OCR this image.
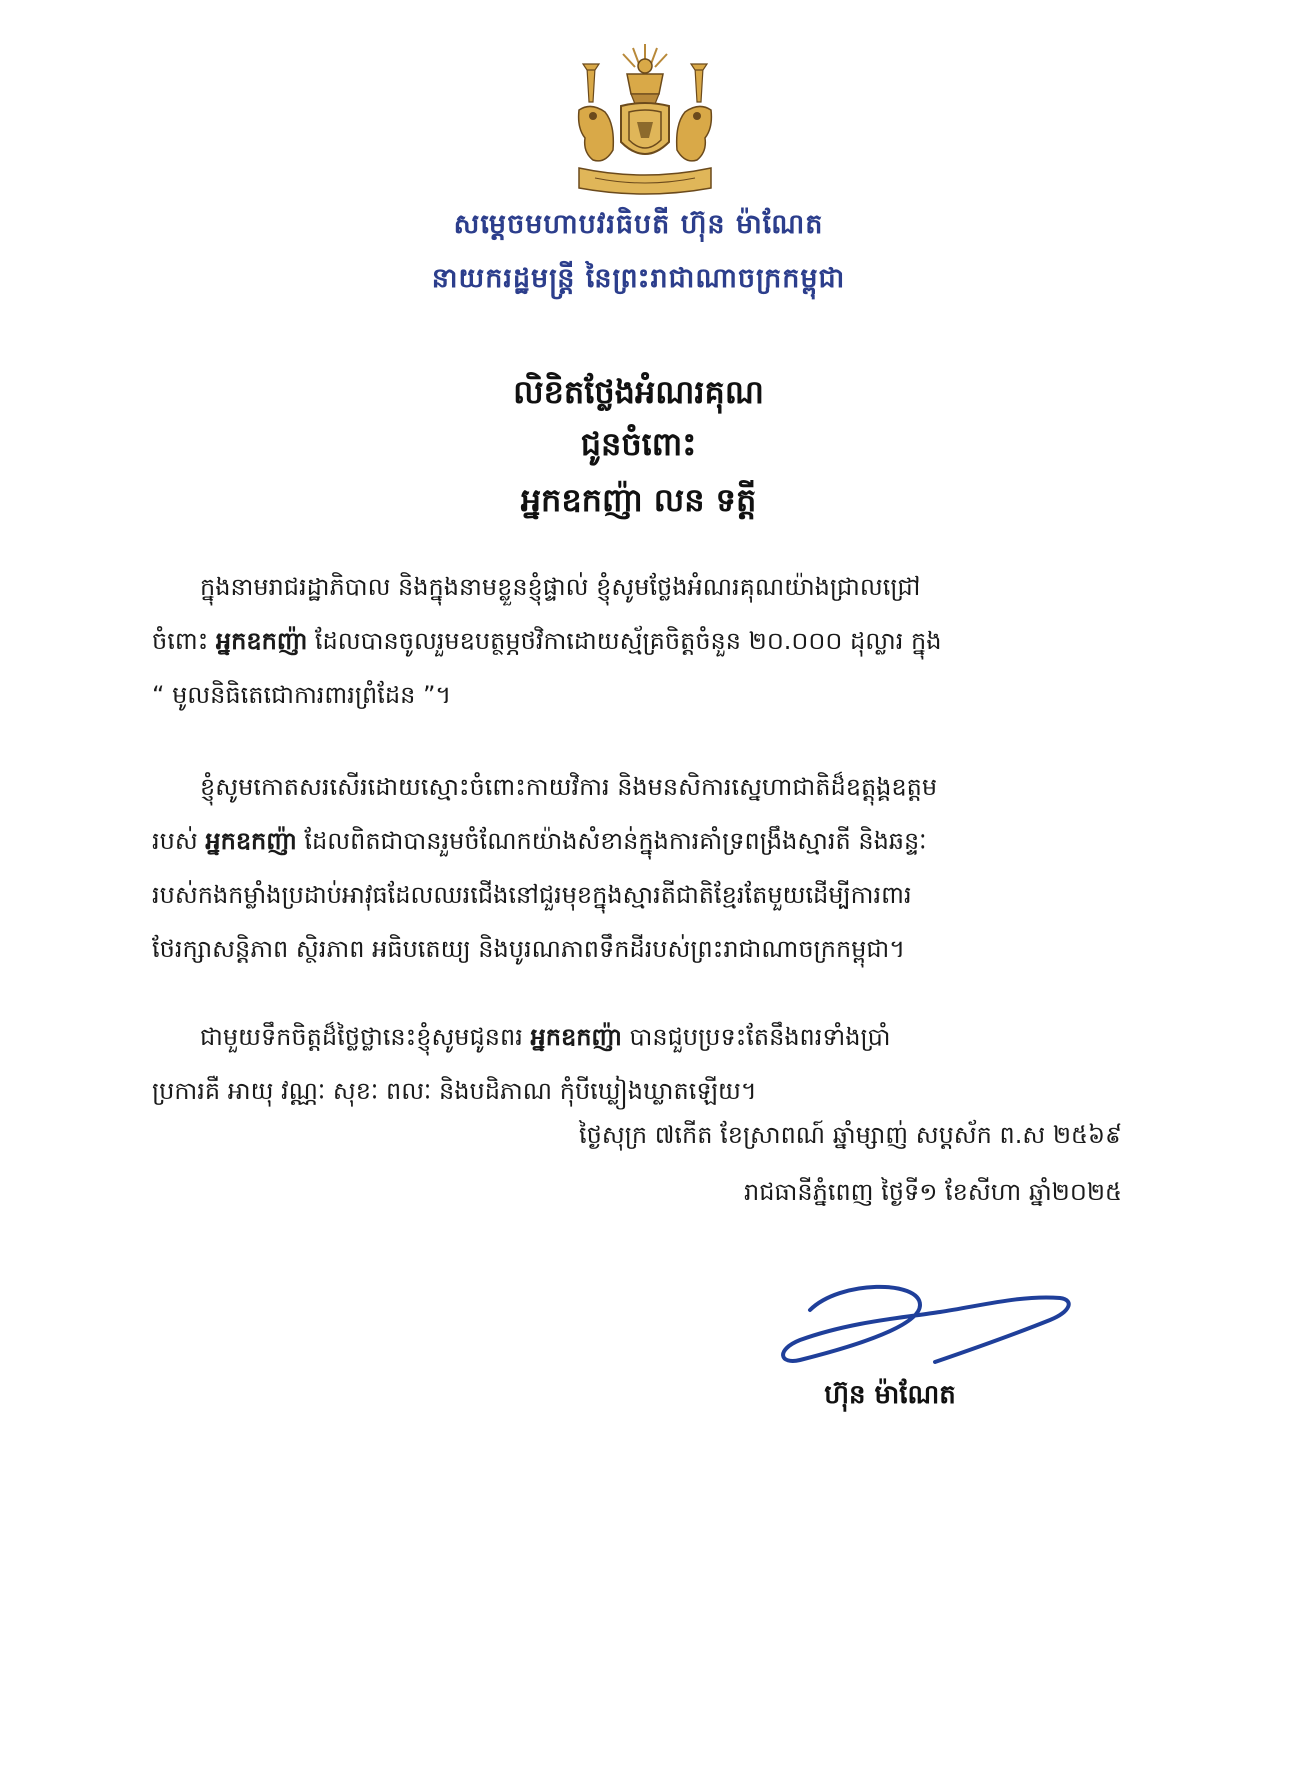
សម្តេចមហាបវរធិបតី ហ៊ុន ម៉ាណែត
នាយករដ្ឋមន្ត្រី នៃព្រះរាជាណាចក្រកម្ពុជា
លិខិតថ្លែងអំណរគុណ
ជូនចំពោះ
អ្នកឧកញ៉ា លន ទត្តី
ក្នុងនាមរាជរដ្ឋាភិបាល និងក្នុងនាមខ្លួនខ្ញុំផ្ទាល់ ខ្ញុំសូមថ្លែងអំណរគុណយ៉ាងជ្រាលជ្រៅ
ចំពោះ អ្នកឧកញ៉ា ដែលបានចូលរួមឧបត្ថម្ភថវិកាដោយស្ម័គ្រចិត្តចំនួន ២០.០០០ ដុល្លារ ក្នុង
“ មូលនិធិតេជោការពារព្រំដែន ”។
ខ្ញុំសូមកោតសរសើរដោយស្មោះចំពោះកាយវិការ និងមនសិការស្នេហាជាតិដ៏ឧត្តុង្គឧត្តម
របស់ អ្នកឧកញ៉ា ដែលពិតជាបានរួមចំណែកយ៉ាងសំខាន់ក្នុងការគាំទ្រពង្រឹងស្មារតី និងឆន្ទៈ
របស់កងកម្លាំងប្រដាប់អាវុធដែលឈរជើងនៅជួរមុខក្នុងស្មារតីជាតិខ្មែរតែមួយដើម្បីការពារ
ថែរក្សាសន្តិភាព ស្ថិរភាព អធិបតេយ្យ និងបូរណភាពទឹកដីរបស់ព្រះរាជាណាចក្រកម្ពុជា។
ជាមួយទឹកចិត្តដ៏ថ្លៃថ្លានេះខ្ញុំសូមជូនពរ អ្នកឧកញ៉ា បានជួបប្រទះតែនឹងពរទាំងប្រាំ
ប្រការគឺ អាយុ វណ្ណៈ សុខៈ ពលៈ និងបដិភាណ កុំបីឃ្លៀងឃ្លាតឡើយ។
ថ្ងៃសុក្រ ៧កើត ខែស្រាពណ៍ ឆ្នាំម្សាញ់ សប្តស័ក ព.ស ២៥៦៩
រាជធានីភ្នំពេញ ថ្ងៃទី១ ខែសីហា ឆ្នាំ២០២៥
ហ៊ុន ម៉ាណែត
